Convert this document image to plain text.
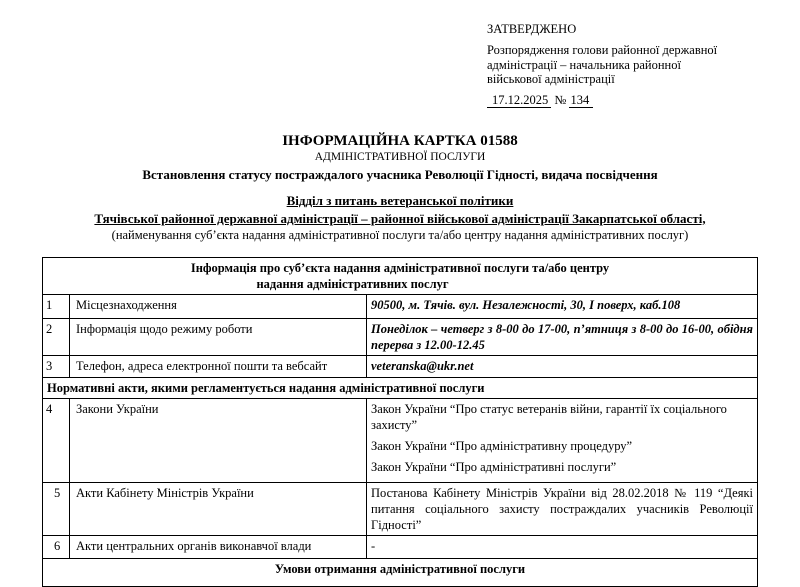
ЗАТВЕРДЖЕНО
Розпорядження голови районної державної
адміністрації – начальника районної
військової адміністрації
17.12.2025 № 134
ІНФОРМАЦІЙНА КАРТКА 01588
АДМІНІСТРАТИВНОЇ ПОСЛУГИ
Встановлення статусу постраждалого учасника Революції Гідності, видача посвідчення
Відділ з питань ветеранської політики
Тячівської районної державної адміністрації – районної військової адміністрації Закарпатської області,
(найменування суб’єкта надання адміністративної послуги та/або центру надання адміністративних послуг)
Інформація про суб’єкта надання адміністративної послуги та/або центру
надання адміністративних послуг		

1	Місцезнаходження	90500, м. Тячів. вул. Незалежності, 30, І поверх, каб.108
2	Інформація щодо режиму роботи	Понеділок – четверг з 8-00 до 17-00, п’ятниця з 8-00 до 16-00, обідня перерва з 12.00-12.45
3	Телефон, адреса електронної пошти та вебсайт	veteranska@ukr.net
Нормативні акти, якими регламентується надання адміністративної послуги		
4	Закони України	Закон України “Про статус ветеранів війни, гарантії їх соціального захисту”
Закон України “Про адміністративну процедуру”
Закон України “Про адміністративні послуги”

5	Акти Кабінету Міністрів України	Постанова Кабінету Міністрів України від 28.02.2018 № 119 “Деякі питання соціального захисту постраждалих учасників Революції Гідності”
6	Акти центральних органів виконавчої влади	-
Умови отримання адміністративної послуги		
